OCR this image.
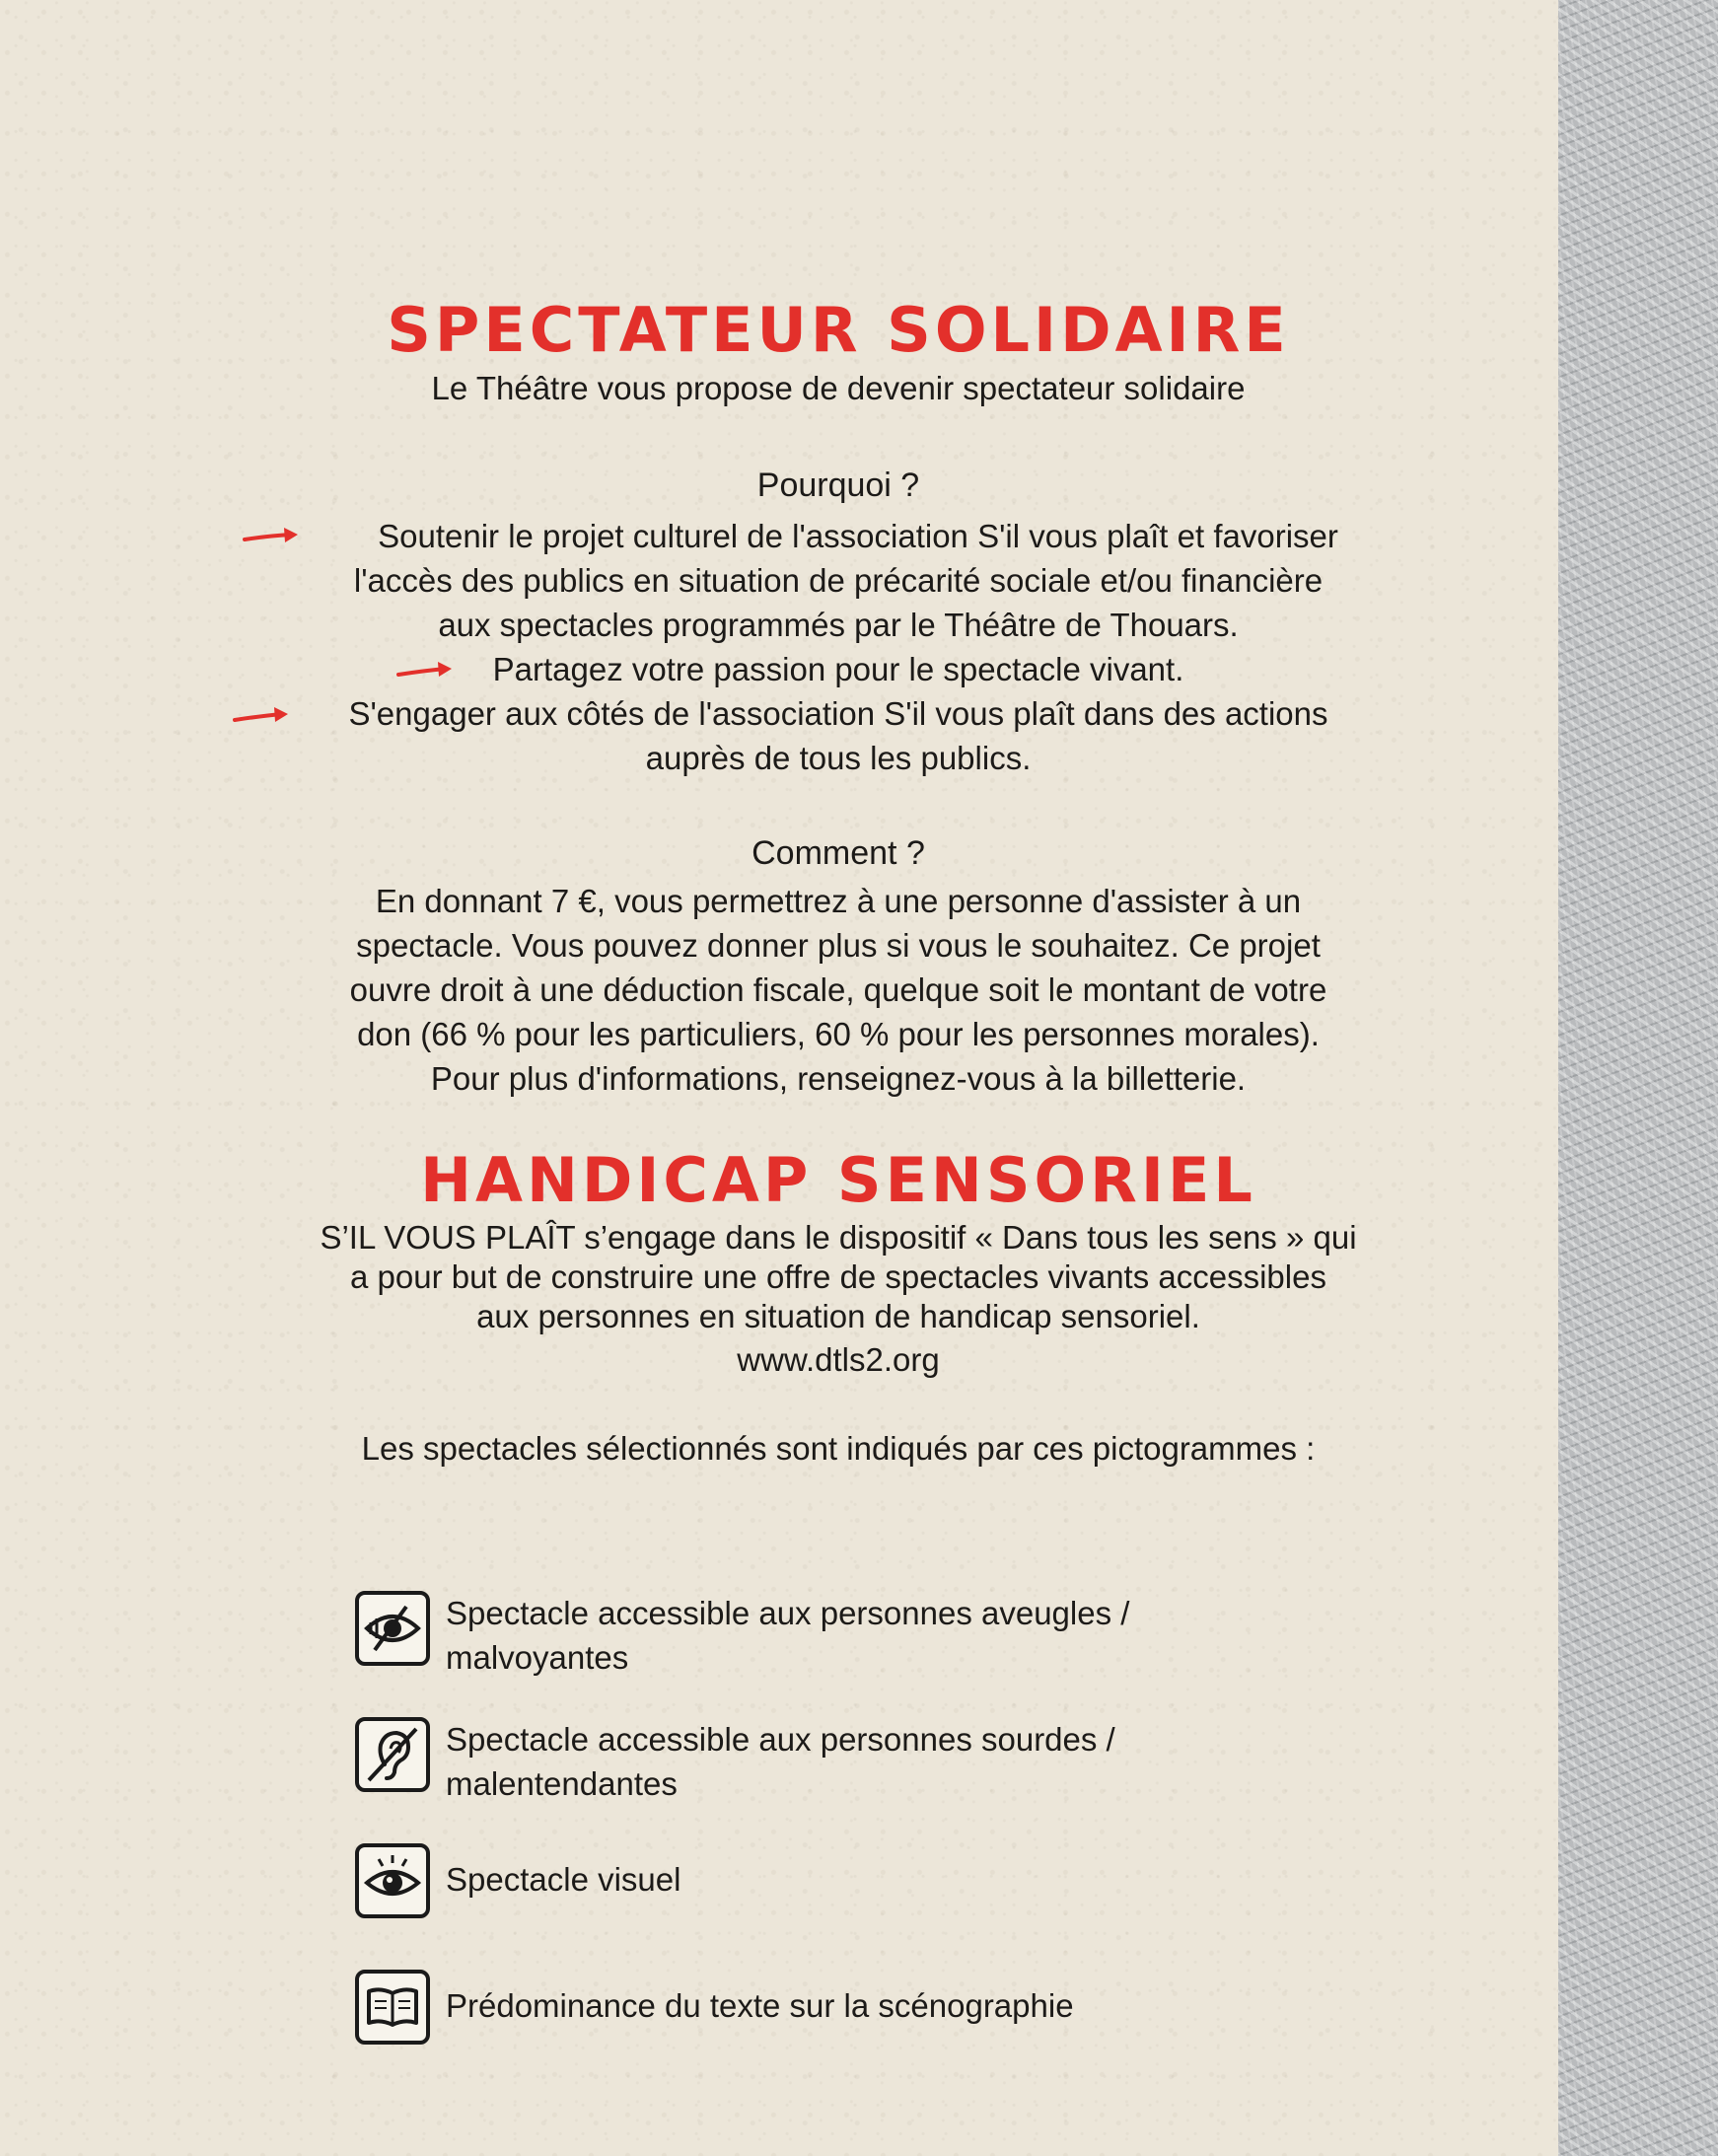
SPECTATEUR SOLIDAIRE
Le Théâtre vous propose de devenir spectateur solidaire
Pourquoi ?
Soutenir le projet culturel de l'association S'il vous plaît et favoriser
l'accès des publics en situation de précarité sociale et/ou financière
aux spectacles programmés par le Théâtre de Thouars.
Partagez votre passion pour le spectacle vivant.
S'engager aux côtés de l'association S'il vous plaît dans des actions
auprès de tous les publics.
Comment ?
En donnant 7 €, vous permettrez à une personne d'assister à un
spectacle. Vous pouvez donner plus si vous le souhaitez. Ce projet
ouvre droit à une déduction fiscale, quelque soit le montant de votre
don (66 % pour les particuliers, 60 % pour les personnes morales).
Pour plus d'informations, renseignez-vous à la billetterie.
HANDICAP SENSORIEL
S’IL VOUS PLAÎT s’engage dans le dispositif « Dans tous les sens » qui
a pour but de construire une offre de spectacles vivants accessibles
aux personnes en situation de handicap sensoriel.
www.dtls2.org
Les spectacles sélectionnés sont indiqués par ces pictogrammes :
Spectacle accessible aux personnes aveugles /
malvoyantes
Spectacle accessible aux personnes sourdes /
malentendantes
Spectacle visuel
Prédominance du texte sur la scénographie
